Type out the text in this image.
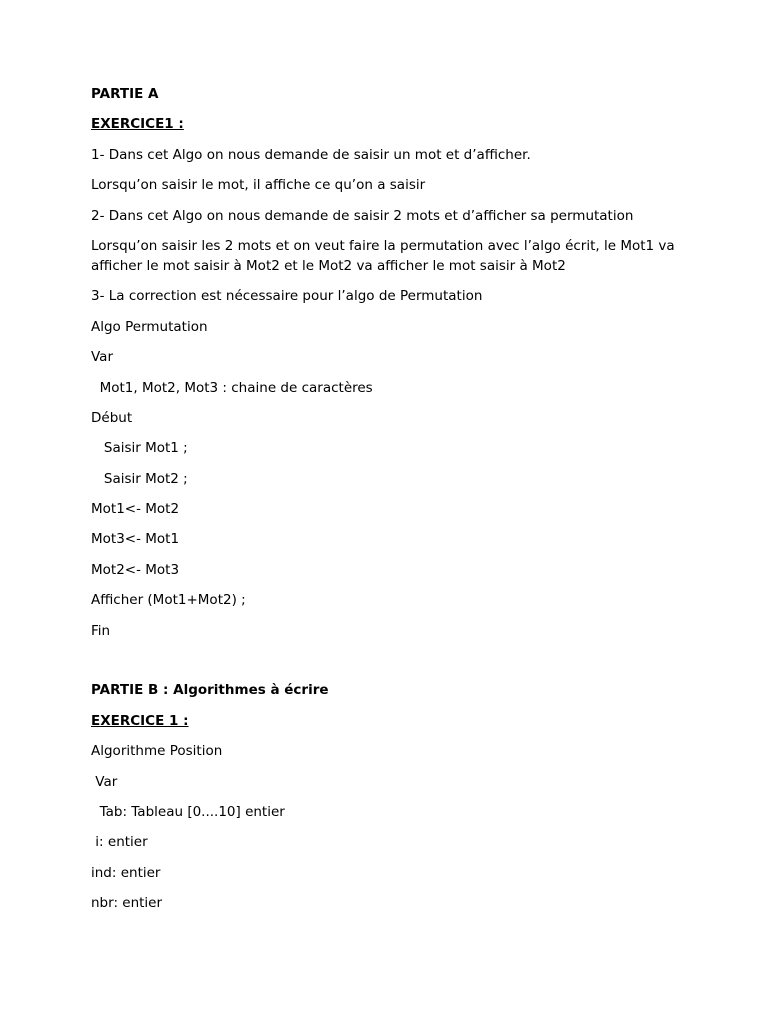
PARTIE A
EXERCICE1 :
1- Dans cet Algo on nous demande de saisir un mot et d’afficher.
Lorsqu’on saisir le mot, il affiche ce qu’on a saisir
2- Dans cet Algo on nous demande de saisir 2 mots et d’afficher sa permutation
Lorsqu’on saisir les 2 mots et on veut faire la permutation avec l’algo écrit, le Mot1 va afficher le mot saisir à Mot2 et le Mot2 va afficher le mot saisir à Mot2
3- La correction est nécessaire pour l’algo de Permutation
Algo Permutation
Var
Mot1, Mot2, Mot3 : chaine de caractères
Début
Saisir Mot1 ;
Saisir Mot2 ;
Mot1<- Mot2
Mot3<- Mot1
Mot2<- Mot3
Afficher (Mot1+Mot2) ;
Fin
PARTIE B : Algorithmes à écrire
EXERCICE 1 :
Algorithme Position
Var
Tab: Tableau [0....10] entier
i: entier
ind: entier
nbr: entier
